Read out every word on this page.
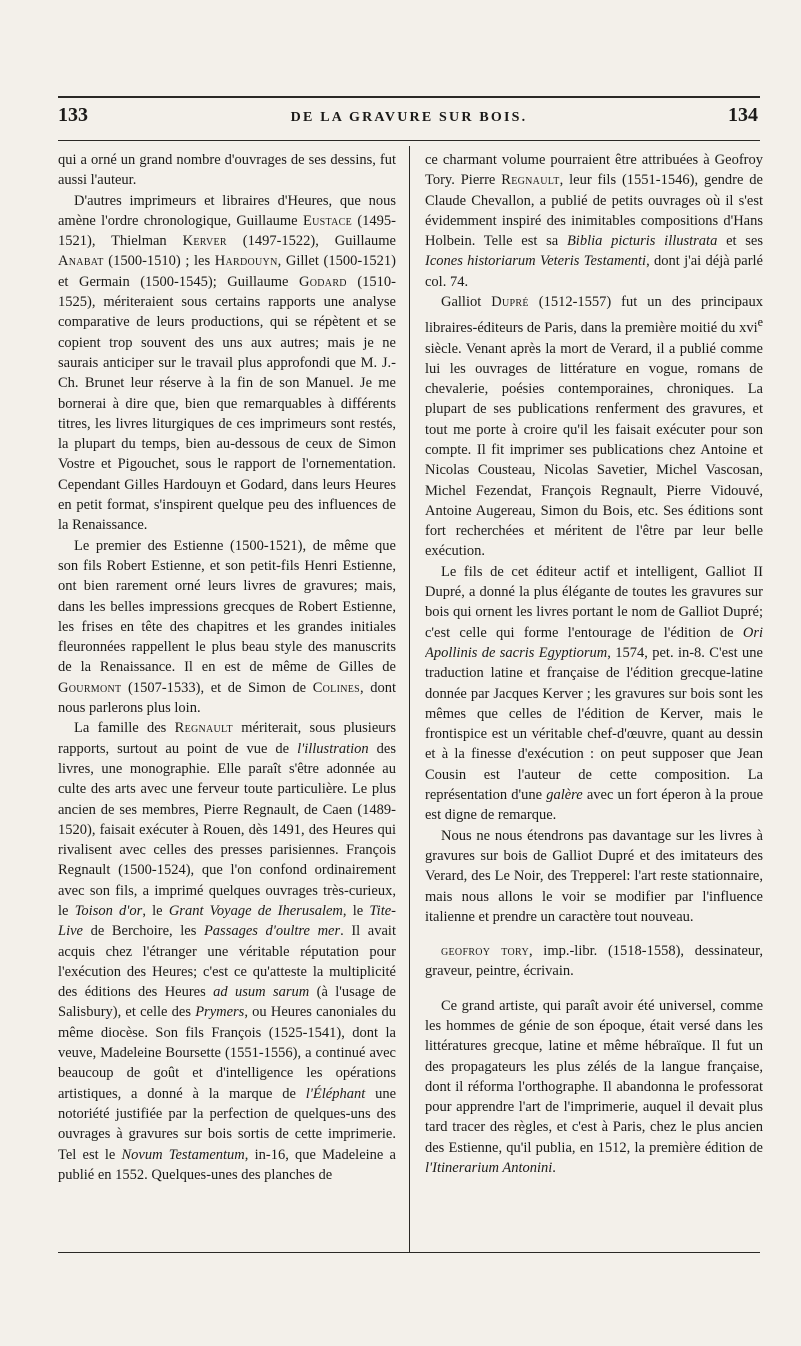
133	DE LA GRAVURE SUR BOIS.	134

qui a orné un grand nombre d'ouvrages de ses dessins, fut aussi l'auteur.

D'autres imprimeurs et libraires d'Heures, que nous amène l'ordre chronologique, Guillaume Eustace (1495-1521), Thielman Kerver (1497-1522), Guillaume Anabat (1500-1510) ; les Hardouyn, Gillet (1500-1521) et Germain (1500-1545); Guillaume Godard (1510-1525), mériteraient sous certains rapports une analyse comparative de leurs productions, qui se répètent et se copient trop souvent des uns aux autres; mais je ne saurais anticiper sur le travail plus approfondi que M. J.-Ch. Brunet leur réserve à la fin de son Manuel. Je me bornerai à dire que, bien que remarquables à différents titres, les livres liturgiques de ces imprimeurs sont restés, la plupart du temps, bien au-dessous de ceux de Simon Vostre et Pigouchet, sous le rapport de l'ornementation. Cependant Gilles Hardouyn et Godard, dans leurs Heures en petit format, s'inspirent quelque peu des influences de la Renaissance.

Le premier des Estienne (1500-1521), de même que son fils Robert Estienne, et son petit-fils Henri Estienne, ont bien rarement orné leurs livres de gravures; mais, dans les belles impressions grecques de Robert Estienne, les frises en tête des chapitres et les grandes initiales fleuronnées rappellent le plus beau style des manuscrits de la Renaissance. Il en est de même de Gilles de Gourmont (1507-1533), et de Simon de Colines, dont nous parlerons plus loin.

La famille des Regnault mériterait, sous plusieurs rapports, surtout au point de vue de l'illustration des livres, une monographie. Elle paraît s'être adonnée au culte des arts avec une ferveur toute particulière. Le plus ancien de ses membres, Pierre Regnault, de Caen (1489-1520), faisait exécuter à Rouen, dès 1491, des Heures qui rivalisent avec celles des presses parisiennes. François Regnault (1500-1524), que l'on confond ordinairement avec son fils, a imprimé quelques ouvrages très-curieux, le Toison d'or, le Grant Voyage de Iherusalem, le Tite-Live de Berchoire, les Passages d'oultre mer. Il avait acquis chez l'étranger une véritable réputation pour l'exécution des Heures; c'est ce qu'atteste la multiplicité des éditions des Heures ad usum sarum (à l'usage de Salisbury), et celle des Prymers, ou Heures canoniales du même diocèse. Son fils François (1525-1541), dont la veuve, Madeleine Boursette (1551-1556), a continué avec beaucoup de goût et d'intelligence les opérations artistiques, a donné à la marque de l'Éléphant une notoriété justifiée par la perfection de quelques-uns des ouvrages à gravures sur bois sortis de cette imprimerie. Tel est le Novum Testamentum, in-16, que Madeleine a publié en 1552. Quelques-unes des planches de

ce charmant volume pourraient être attribuées à Geofroy Tory. Pierre Regnault, leur fils (1551-1546), gendre de Claude Chevallon, a publié de petits ouvrages où il s'est évidemment inspiré des inimitables compositions d'Hans Holbein. Telle est sa Biblia picturis illustrata et ses Icones historiarum Veteris Testamenti, dont j'ai déjà parlé col. 74.

Galliot Dupré (1512-1557) fut un des principaux libraires-éditeurs de Paris, dans la première moitié du xvi$^e$ siècle. Venant après la mort de Verard, il a publié comme lui les ouvrages de littérature en vogue, romans de chevalerie, poésies contemporaines, chroniques. La plupart de ses publications renferment des gravures, et tout me porte à croire qu'il les faisait exécuter pour son compte. Il fit imprimer ses publications chez Antoine et Nicolas Cousteau, Nicolas Savetier, Michel Vascosan, Michel Fezendat, François Regnault, Pierre Vidouvé, Antoine Augereau, Simon du Bois, etc. Ses éditions sont fort recherchées et méritent de l'être par leur belle exécution.

Le fils de cet éditeur actif et intelligent, Galliot II Dupré, a donné la plus élégante de toutes les gravures sur bois qui ornent les livres portant le nom de Galliot Dupré; c'est celle qui forme l'entourage de l'édition de Ori Apollinis de sacris Egyptiorum, 1574, pet. in-8. C'est une traduction latine et française de l'édition grecque-latine donnée par Jacques Kerver ; les gravures sur bois sont les mêmes que celles de l'édition de Kerver, mais le frontispice est un véritable chef-d'œuvre, quant au dessin et à la finesse d'exécution : on peut supposer que Jean Cousin est l'auteur de cette composition. La représentation d'une galère avec un fort éperon à la proue est digne de remarque.

Nous ne nous étendrons pas davantage sur les livres à gravures sur bois de Galliot Dupré et des imitateurs des Verard, des Le Noir, des Trepperel: l'art reste stationnaire, mais nous allons le voir se modifier par l'influence italienne et prendre un caractère tout nouveau.

geofroy tory, imp.-libr. (1518-1558), dessinateur, graveur, peintre, écrivain.

Ce grand artiste, qui paraît avoir été universel, comme les hommes de génie de son époque, était versé dans les littératures grecque, latine et même hébraïque. Il fut un des propagateurs les plus zélés de la langue française, dont il réforma l'orthographe. Il abandonna le professorat pour apprendre l'art de l'imprimerie, auquel il devait plus tard tracer des règles, et c'est à Paris, chez le plus ancien des Estienne, qu'il publia, en 1512, la première édition de l'Itinerarium Antonini.
